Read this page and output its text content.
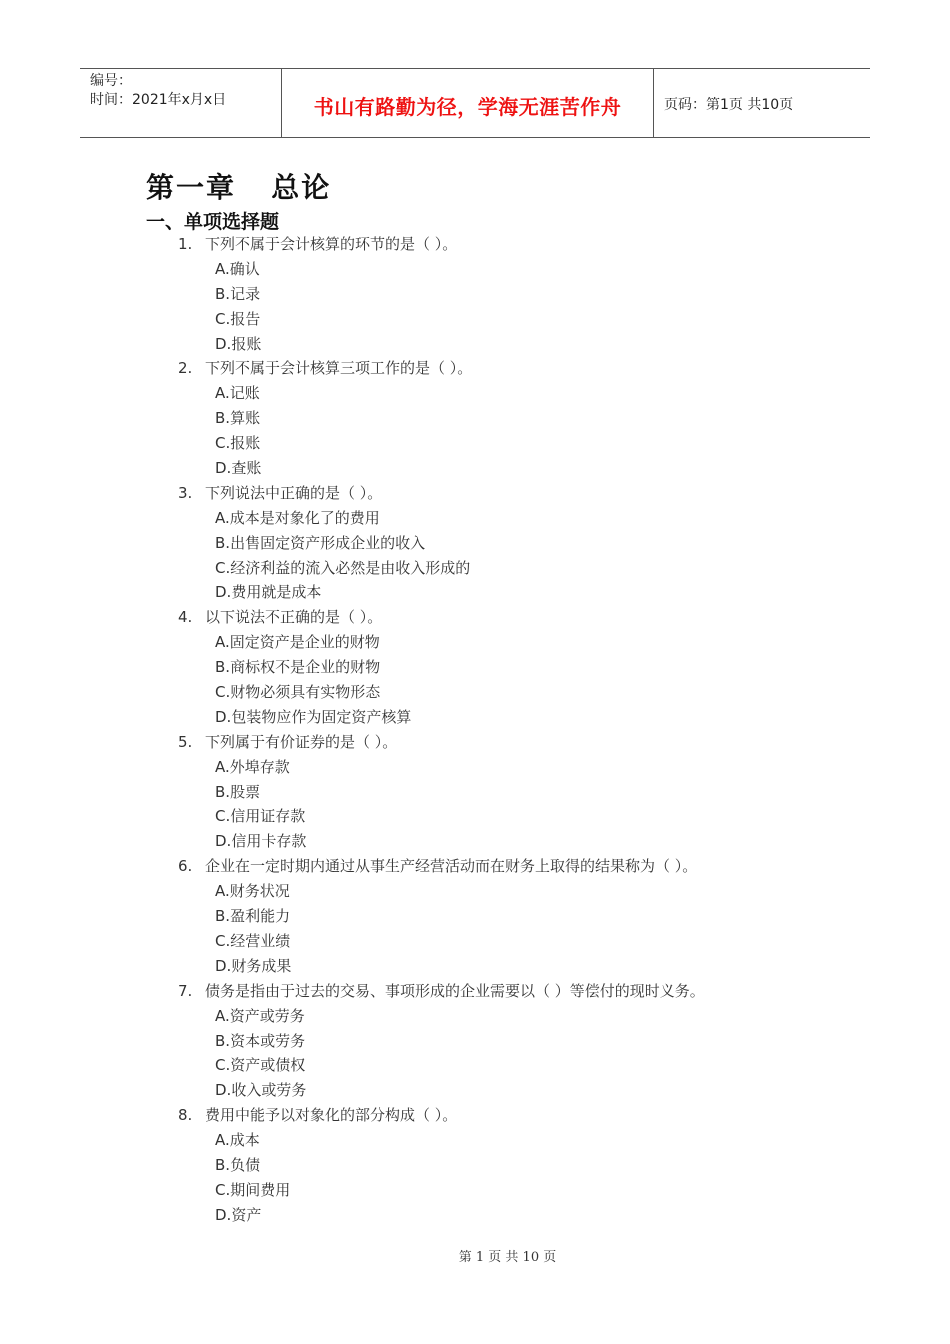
编号：
时间：2021年x月x日	书山有路勤为径，学海无涯苦作舟	页码：第1页 共10页
第一章   总论
一、单项选择题
1. 下列不属于会计核算的环节的是（ ）。
A.确认
B.记录
C.报告
D.报账
2. 下列不属于会计核算三项工作的是（ ）。
A.记账
B.算账
C.报账
D.查账
3. 下列说法中正确的是（ ）。
A.成本是对象化了的费用
B.出售固定资产形成企业的收入
C.经济利益的流入必然是由收入形成的
D.费用就是成本
4. 以下说法不正确的是（ ）。
A.固定资产是企业的财物
B.商标权不是企业的财物
C.财物必须具有实物形态
D.包装物应作为固定资产核算
5. 下列属于有价证券的是（ ）。
A.外埠存款
B.股票
C.信用证存款
D.信用卡存款
6. 企业在一定时期内通过从事生产经营活动而在财务上取得的结果称为（ ）。
A.财务状况
B.盈利能力
C.经营业绩
D.财务成果
7. 债务是指由于过去的交易、事项形成的企业需要以（ ）等偿付的现时义务。
A.资产或劳务
B.资本或劳务
C.资产或债权
D.收入或劳务
8. 费用中能予以对象化的部分构成（ ）。
A.成本
B.负债
C.期间费用
D.资产
第 1 页 共 10 页
